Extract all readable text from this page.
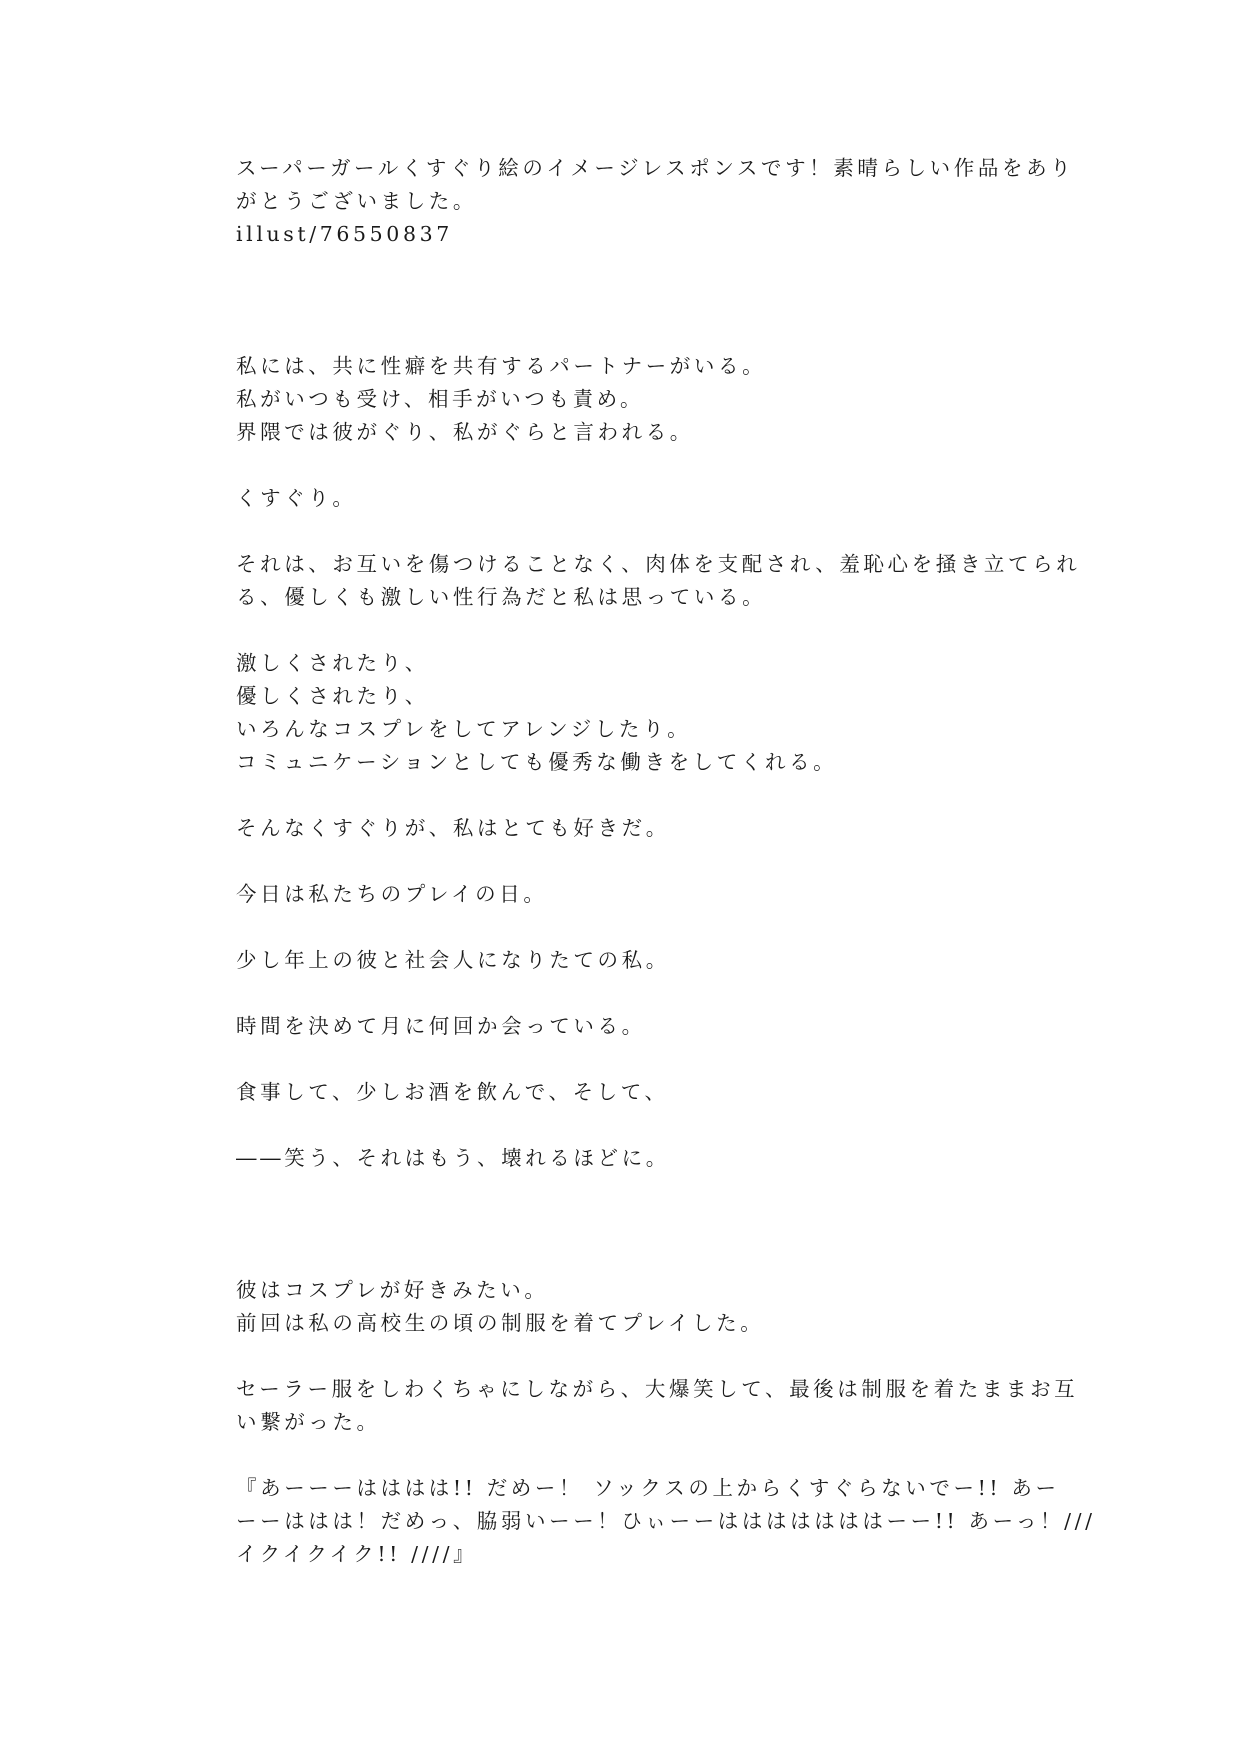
スーパーガールくすぐり絵のイメージレスポンスです！素晴らしい作品をあり
がとうございました。
illust/76550837
私には、共に性癖を共有するパートナーがいる。
私がいつも受け、相手がいつも責め。
界隈では彼がぐり、私がぐらと言われる。
くすぐり。
それは、お互いを傷つけることなく、肉体を支配され、羞恥心を掻き立てられ
る、優しくも激しい性行為だと私は思っている。
激しくされたり、
優しくされたり、
いろんなコスプレをしてアレンジしたり。
コミュニケーションとしても優秀な働きをしてくれる。
そんなくすぐりが、私はとても好きだ。
今日は私たちのプレイの日。
少し年上の彼と社会人になりたての私。
時間を決めて月に何回か会っている。
食事して、少しお酒を飲んで、そして、
――笑う、それはもう、壊れるほどに。
彼はコスプレが好きみたい。
前回は私の高校生の頃の制服を着てプレイした。
セーラー服をしわくちゃにしながら、大爆笑して、最後は制服を着たままお互
い繋がった。
『あーーーはははは!! だめー！ ソックスの上からくすぐらないでー!! あー
ーーははは！だめっ、脇弱いーー！ひぃーーはははははははーー!! あーっ！///
イクイクイク!! ////』
